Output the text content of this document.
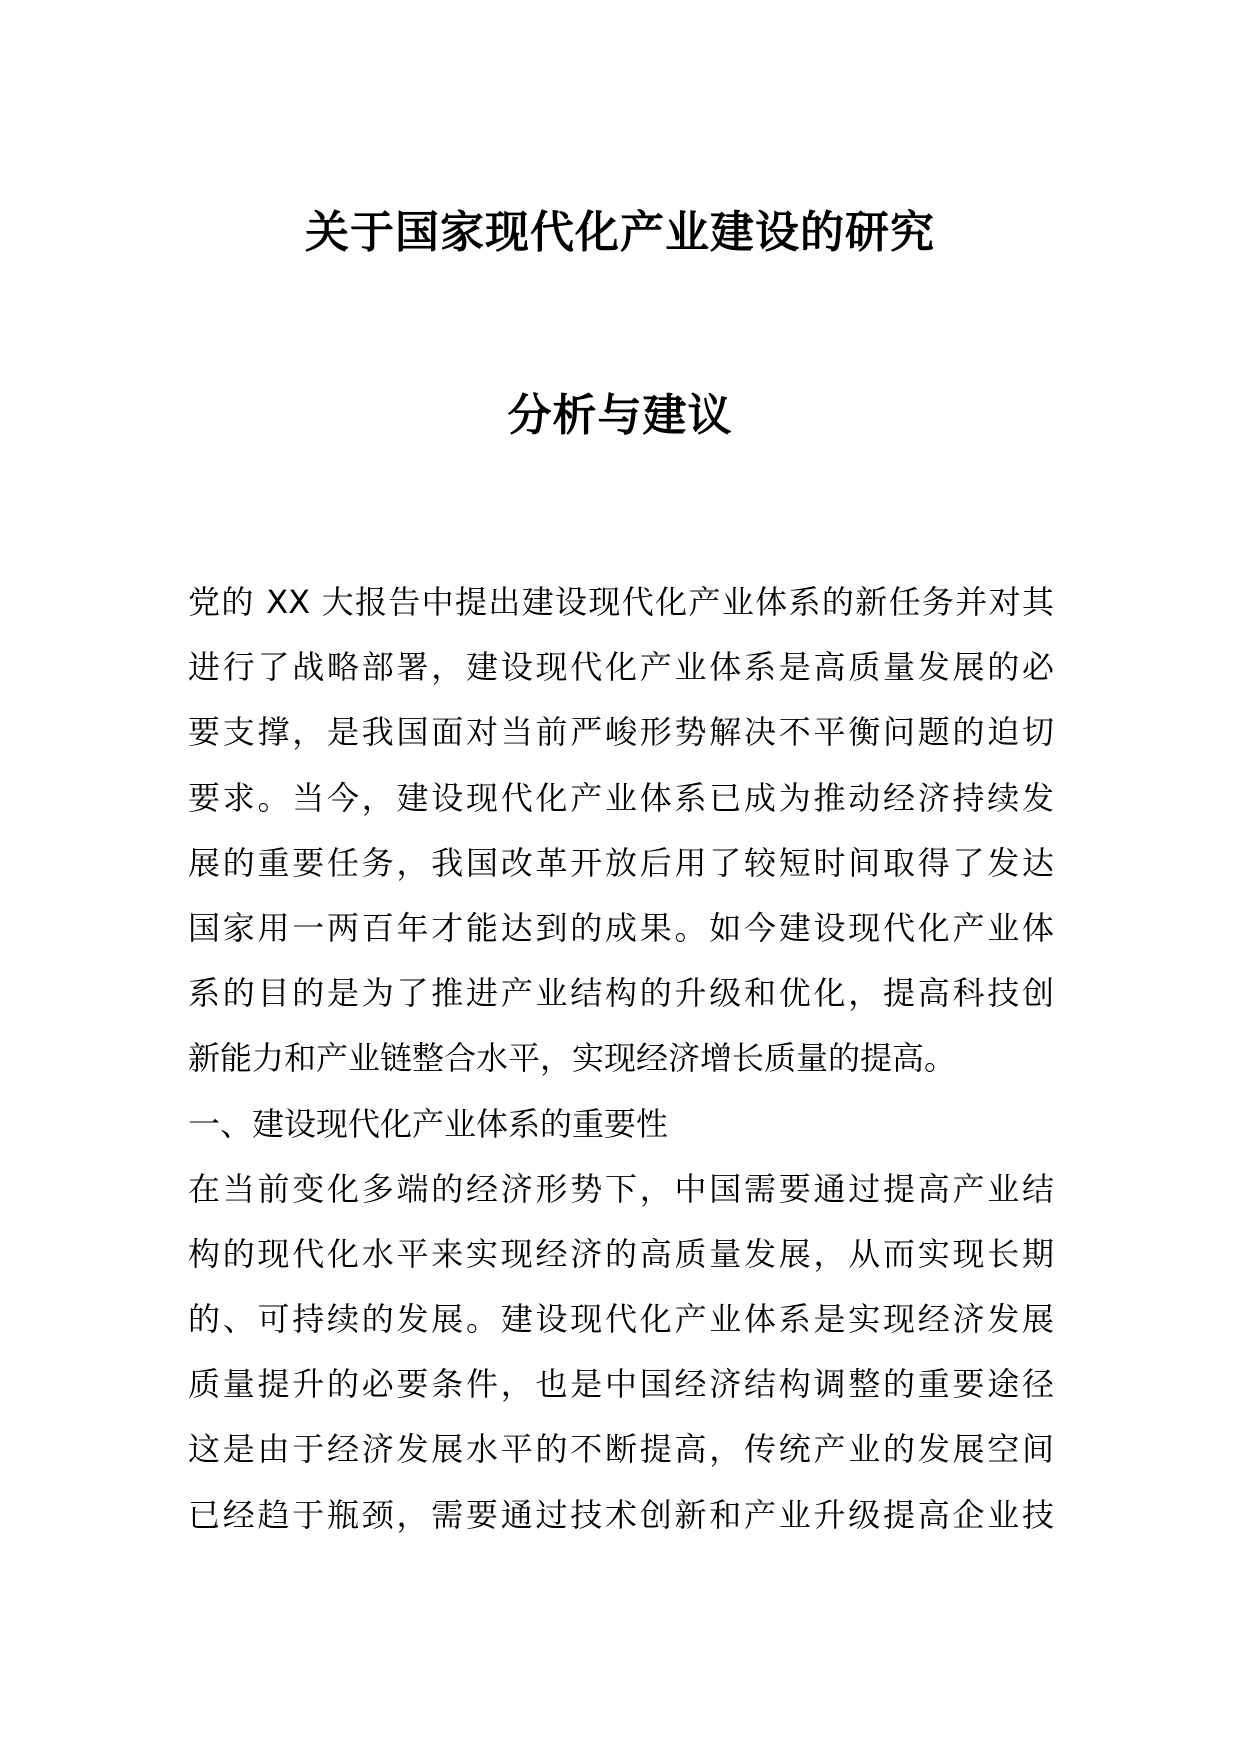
关于国家现代化产业建设的研究
分析与建议
党的 XX 大报告中提出建设现代化产业体系的新任务并对其
进行了战略部署，建设现代化产业体系是高质量发展的必
要支撑，是我国面对当前严峻形势解决不平衡问题的迫切
要求。当今，建设现代化产业体系已成为推动经济持续发
展的重要任务，我国改革开放后用了较短时间取得了发达
国家用一两百年才能达到的成果。如今建设现代化产业体
系的目的是为了推进产业结构的升级和优化，提高科技创
新能力和产业链整合水平，实现经济增长质量的提高。
一、建设现代化产业体系的重要性
在当前变化多端的经济形势下，中国需要通过提高产业结
构的现代化水平来实现经济的高质量发展，从而实现长期
的、可持续的发展。建设现代化产业体系是实现经济发展
质量提升的必要条件，也是中国经济结构调整的重要途径
这是由于经济发展水平的不断提高，传统产业的发展空间
已经趋于瓶颈，需要通过技术创新和产业升级提高企业技
